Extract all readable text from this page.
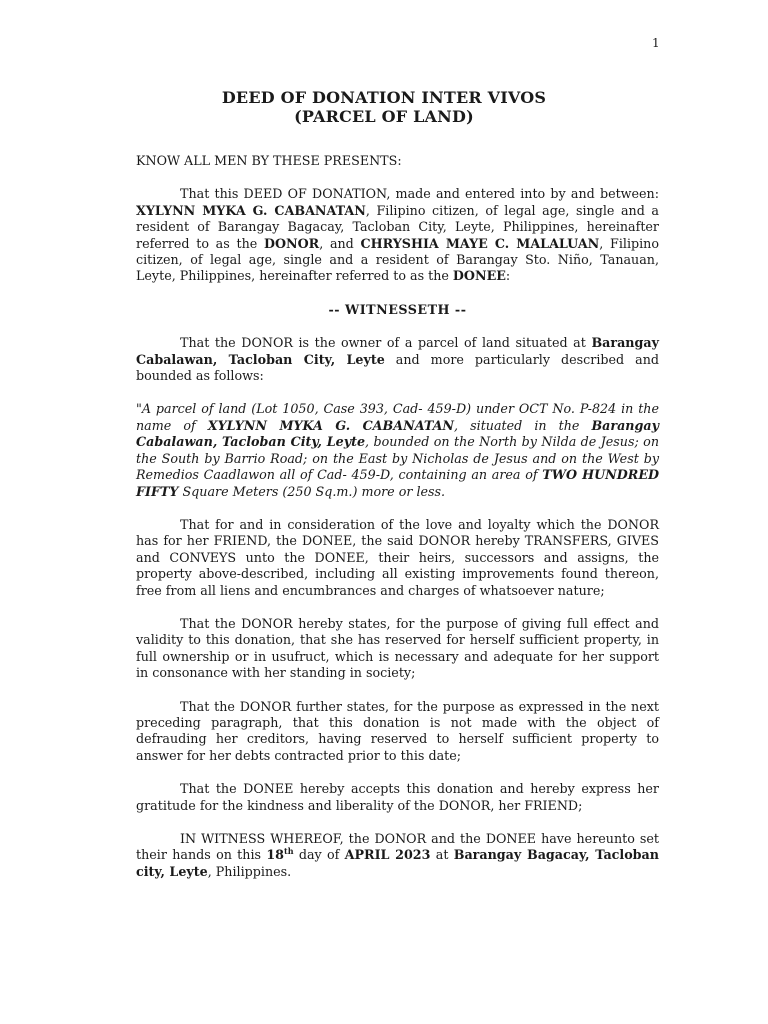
1
DEED OF DONATION INTER VIVOS
(PARCEL OF LAND)

KNOW ALL MEN BY THESE PRESENTS:

That this DEED OF DONATION, made and entered into by and between: XYLYNN MYKA G. CABANATAN, Filipino citizen, of legal age, single and a resident of Barangay Bagacay, Tacloban City, Leyte, Philippines, hereinafter referred to as the DONOR, and CHRYSHIA MAYE C. MALALUAN, Filipino citizen, of legal age, single and a resident of Barangay Sto. Niño, Tanauan, Leyte, Philippines, hereinafter referred to as the DONEE:

-- WITNESSETH --

That the DONOR is the owner of a parcel of land situated at Barangay Cabalawan, Tacloban City, Leyte and more particularly described and bounded as follows:

"A parcel of land (Lot 1050, Case 393, Cad- 459-D) under OCT No. P-824 in the name of XYLYNN MYKA G. CABANATAN, situated in the Barangay Cabalawan, Tacloban City, Leyte, bounded on the North by Nilda de Jesus; on the South by Barrio Road; on the East by Nicholas de Jesus and on the West by Remedios Caadlawon all of Cad- 459-D, containing an area of TWO HUNDRED FIFTY Square Meters (250 Sq.m.) more or less.

That for and in consideration of the love and loyalty which the DONOR has for her FRIEND, the DONEE, the said DONOR hereby TRANSFERS, GIVES and CONVEYS unto the DONEE, their heirs, successors and assigns, the property above-described, including all existing improvements found thereon, free from all liens and encumbrances and charges of whatsoever nature;

That the DONOR hereby states, for the purpose of giving full effect and validity to this donation, that she has reserved for herself sufficient property, in full ownership or in usufruct, which is necessary and adequate for her support in consonance with her standing in society;

That the DONOR further states, for the purpose as expressed in the next preceding paragraph, that this donation is not made with the object of defrauding her creditors, having reserved to herself sufficient property to answer for her debts contracted prior to this date;

That the DONEE hereby accepts this donation and hereby express her gratitude for the kindness and liberality of the DONOR, her FRIEND;

IN WITNESS WHEREOF, the DONOR and the DONEE have hereunto set their hands on this 18th day of APRIL 2023 at Barangay Bagacay, Tacloban city, Leyte, Philippines.
